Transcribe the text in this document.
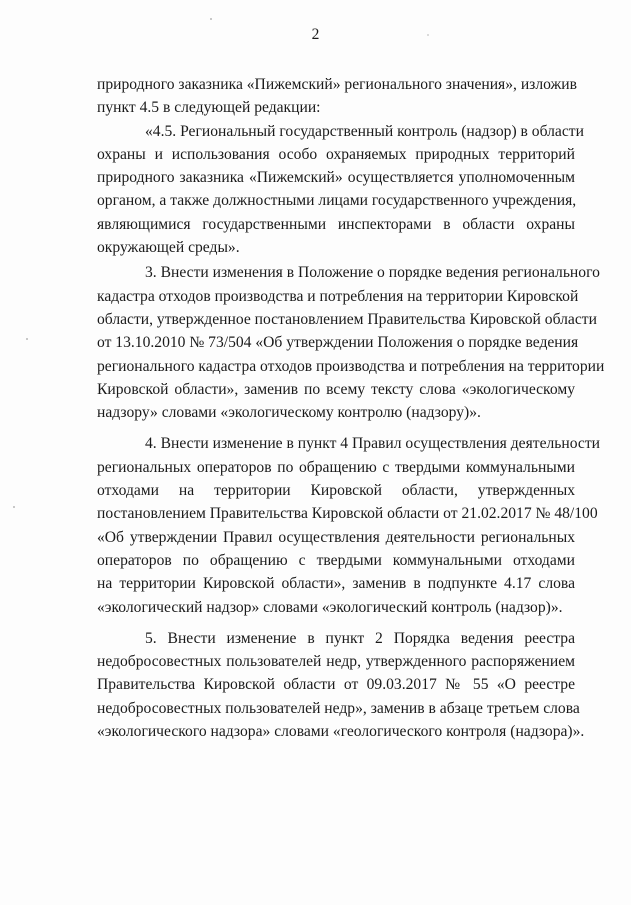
2
природного заказника «Пижемский» регионального значения», изложив
пункт 4.5 в следующей редакции:
«4.5. Региональный государственный контроль (надзор) в области
охраны и использования особо охраняемых природных территорий
природного заказника «Пижемский» осуществляется уполномоченным
органом, а также должностными лицами государственного учреждения,
являющимися государственными инспекторами в области охраны
окружающей среды».
3. Внести изменения в Положение о порядке ведения регионального
кадастра отходов производства и потребления на территории Кировской
области, утвержденное постановлением Правительства Кировской области
от 13.10.2010 № 73/504 «Об утверждении Положения о порядке ведения
регионального кадастра отходов производства и потребления на территории
Кировской области», заменив по всему тексту слова «экологическому
надзору» словами «экологическому контролю (надзору)».
4. Внести изменение в пункт 4 Правил осуществления деятельности
региональных операторов по обращению с твердыми коммунальными
отходами на территории Кировской области, утвержденных
постановлением Правительства Кировской области от 21.02.2017 № 48/100
«Об утверждении Правил осуществления деятельности региональных
операторов по обращению с твердыми коммунальными отходами
на территории Кировской области», заменив в подпункте 4.17 слова
«экологический надзор» словами «экологический контроль (надзор)».
5. Внести изменение в пункт 2 Порядка ведения реестра
недобросовестных пользователей недр, утвержденного распоряжением
Правительства Кировской области от 09.03.2017 № 55 «О реестре
недобросовестных пользователей недр», заменив в абзаце третьем слова
«экологического надзора» словами «геологического контроля (надзора)».
